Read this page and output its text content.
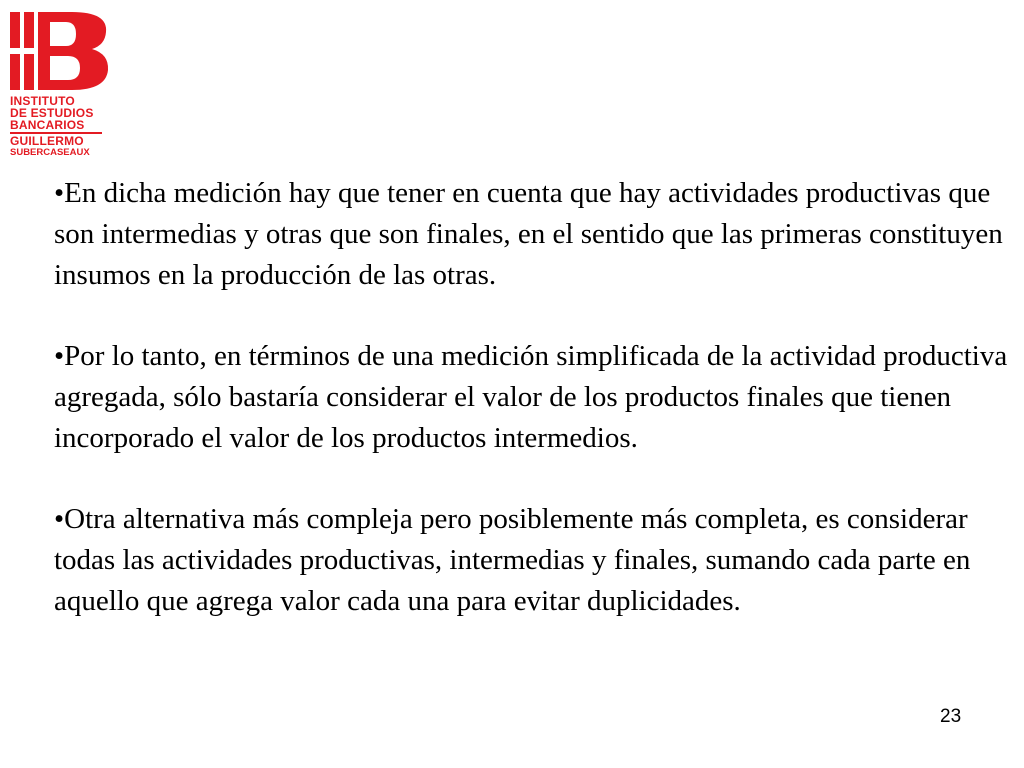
INSTITUTO
DE ESTUDIOS
BANCARIOS
GUILLERMO
SUBERCASEAUX

•En dicha medición hay que tener en cuenta que hay actividades productivas que son intermedias y otras que son finales, en el sentido que las primeras constituyen insumos en la producción de las otras.

•Por lo tanto, en términos de una medición simplificada de la actividad productiva agregada, sólo bastaría considerar el valor de los productos finales que tienen incorporado el valor de los productos intermedios.

•Otra alternativa más compleja pero posiblemente más completa, es considerar todas las actividades productivas, intermedias y finales, sumando cada parte en aquello que agrega valor cada una para evitar duplicidades.

23
